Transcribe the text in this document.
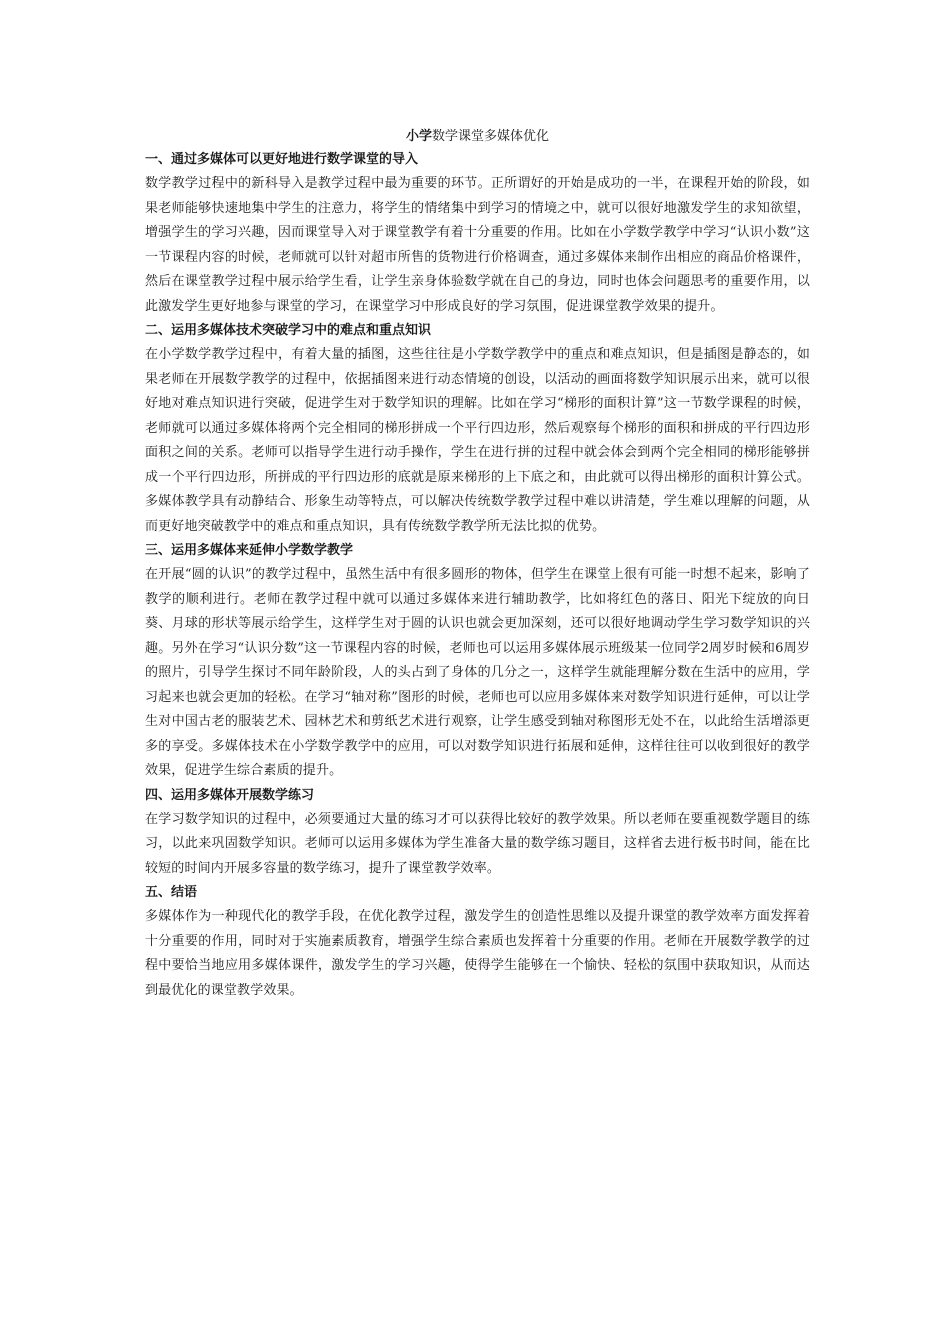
小学数学课堂多媒体优化

一、通过多媒体可以更好地进行数学课堂的导入

数学教学过程中的新科导入是教学过程中最为重要的环节。正所谓好的开始是成功的一半，在课程开始的阶段，如果老师能够快速地集中学生的注意力，将学生的情绪集中到学习的情境之中，就可以很好地激发学生的求知欲望，增强学生的学习兴趣，因而课堂导入对于课堂教学有着十分重要的作用。比如在小学数学教学中学习“认识小数”这一节课程内容的时候，老师就可以针对超市所售的货物进行价格调查，通过多媒体来制作出相应的商品价格课件，然后在课堂教学过程中展示给学生看，让学生亲身体验数学就在自己的身边，同时也体会问题思考的重要作用，以此激发学生更好地参与课堂的学习，在课堂学习中形成良好的学习氛围，促进课堂教学效果的提升。

二、运用多媒体技术突破学习中的难点和重点知识

在小学数学教学过程中，有着大量的插图，这些往往是小学数学教学中的重点和难点知识，但是插图是静态的，如果老师在开展数学教学的过程中，依据插图来进行动态情境的创设，以活动的画面将数学知识展示出来，就可以很好地对难点知识进行突破，促进学生对于数学知识的理解。比如在学习“梯形的面积计算”这一节数学课程的时候，老师就可以通过多媒体将两个完全相同的梯形拼成一个平行四边形，然后观察每个梯形的面积和拼成的平行四边形面积之间的关系。老师可以指导学生进行动手操作，学生在进行拼的过程中就会体会到两个完全相同的梯形能够拼成一个平行四边形，所拼成的平行四边形的底就是原来梯形的上下底之和，由此就可以得出梯形的面积计算公式。多媒体教学具有动静结合、形象生动等特点，可以解决传统数学教学过程中难以讲清楚，学生难以理解的问题，从而更好地突破教学中的难点和重点知识，具有传统数学教学所无法比拟的优势。

三、运用多媒体来延伸小学数学教学

在开展“圆的认识”的教学过程中，虽然生活中有很多圆形的物体，但学生在课堂上很有可能一时想不起来，影响了教学的顺利进行。老师在教学过程中就可以通过多媒体来进行辅助教学，比如将红色的落日、阳光下绽放的向日葵、月球的形状等展示给学生，这样学生对于圆的认识也就会更加深刻，还可以很好地调动学生学习数学知识的兴趣。另外在学习“认识分数”这一节课程内容的时候，老师也可以运用多媒体展示班级某一位同学2周岁时候和6周岁的照片，引导学生探讨不同年龄阶段，人的头占到了身体的几分之一，这样学生就能理解分数在生活中的应用，学习起来也就会更加的轻松。在学习“轴对称”图形的时候，老师也可以应用多媒体来对数学知识进行延伸，可以让学生对中国古老的服装艺术、园林艺术和剪纸艺术进行观察，让学生感受到轴对称图形无处不在，以此给生活增添更多的享受。多媒体技术在小学数学教学中的应用，可以对数学知识进行拓展和延伸，这样往往可以收到很好的教学效果，促进学生综合素质的提升。

四、运用多媒体开展数学练习

在学习数学知识的过程中，必须要通过大量的练习才可以获得比较好的教学效果。所以老师在要重视数学题目的练习，以此来巩固数学知识。老师可以运用多媒体为学生准备大量的数学练习题目，这样省去进行板书时间，能在比较短的时间内开展多容量的数学练习，提升了课堂教学效率。

五、结语

多媒体作为一种现代化的教学手段，在优化教学过程，激发学生的创造性思维以及提升课堂的教学效率方面发挥着十分重要的作用，同时对于实施素质教育，增强学生综合素质也发挥着十分重要的作用。老师在开展数学教学的过程中要恰当地应用多媒体课件，激发学生的学习兴趣，使得学生能够在一个愉快、轻松的氛围中获取知识，从而达到最优化的课堂教学效果。
